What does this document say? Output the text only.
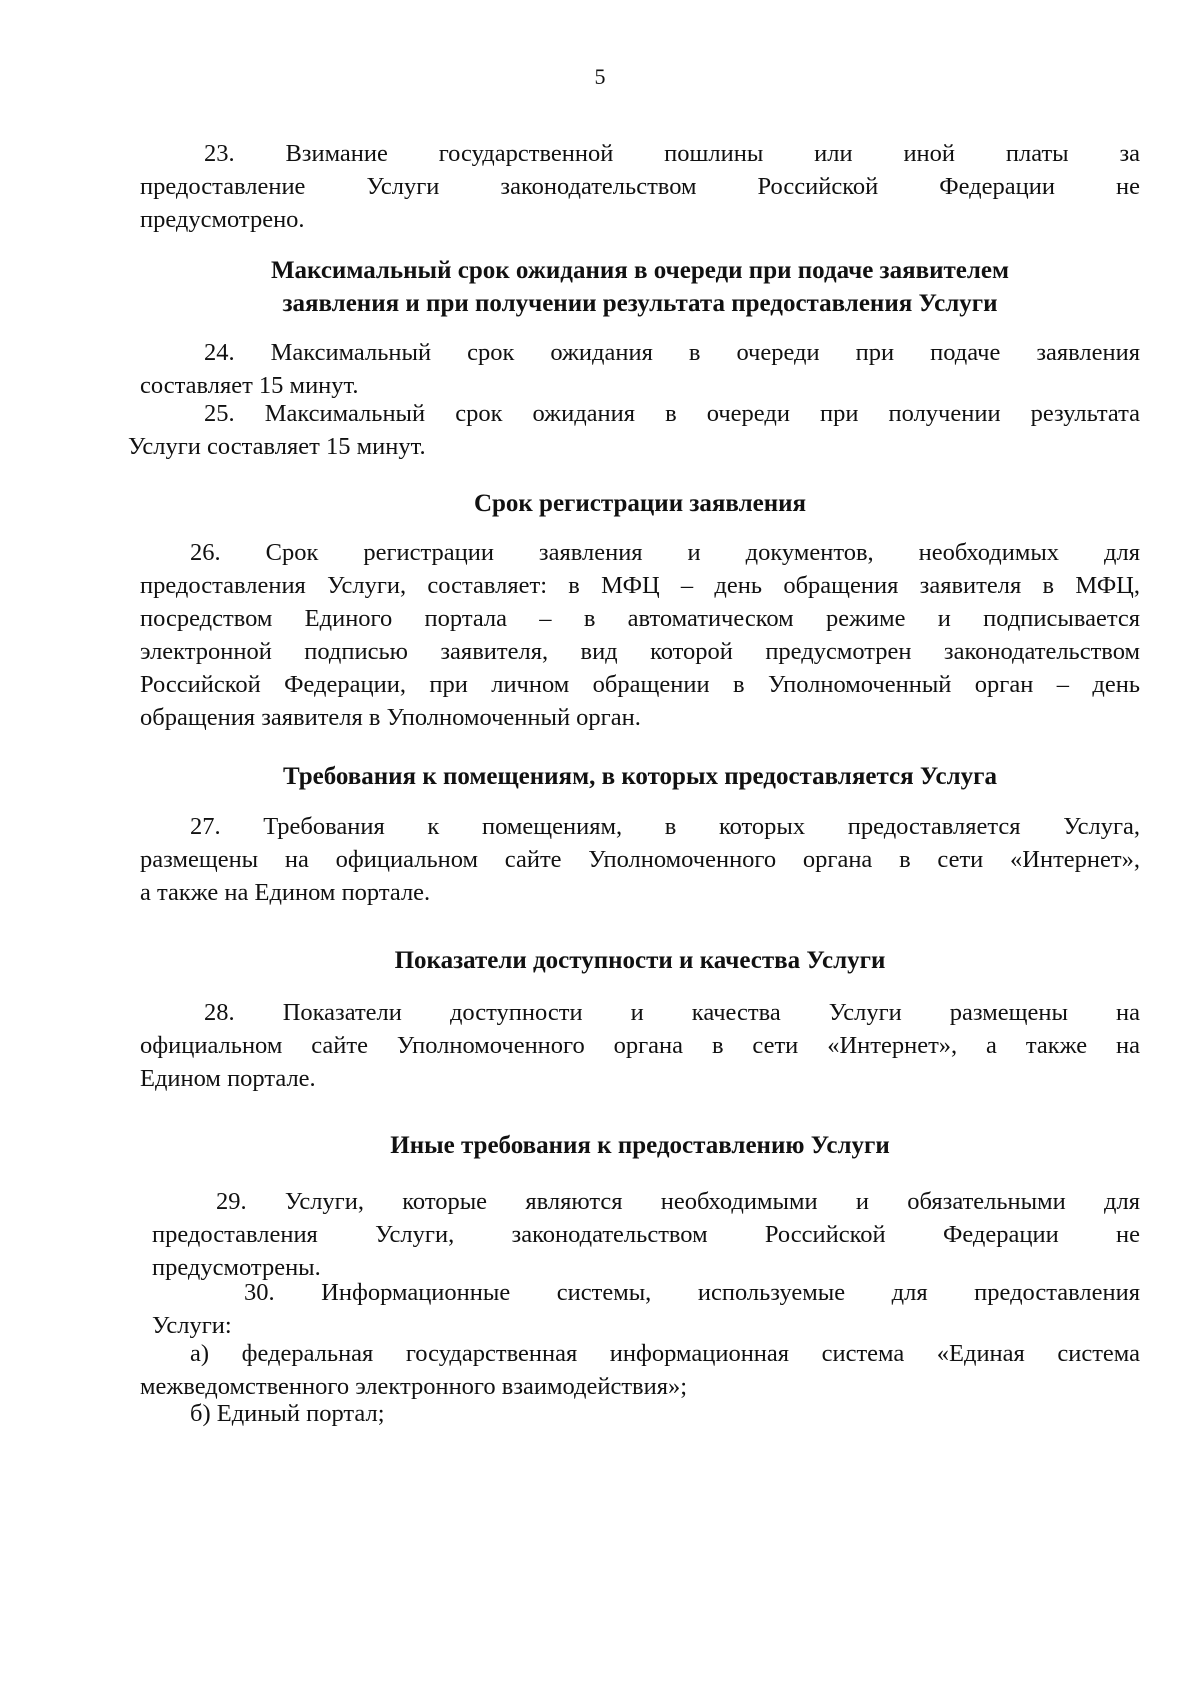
5
23. Взимание государственной пошлины или иной платы за
предоставление Услуги законодательством Российской Федерации не
предусмотрено.
Максимальный срок ожидания в очереди при подаче заявителем
заявления и при получении результата предоставления Услуги
24. Максимальный срок ожидания в очереди при подаче заявления
составляет 15 минут.
25. Максимальный срок ожидания в очереди при получении результата
Услуги составляет 15 минут.
Срок регистрации заявления
26. Срок регистрации заявления и документов, необходимых для
предоставления Услуги, составляет: в МФЦ – день обращения заявителя в МФЦ,
посредством Единого портала – в автоматическом режиме и подписывается
электронной подписью заявителя, вид которой предусмотрен законодательством
Российской Федерации, при личном обращении в Уполномоченный орган – день
обращения заявителя в Уполномоченный орган.
Требования к помещениям, в которых предоставляется Услуга
27. Требования к помещениям, в которых предоставляется Услуга,
размещены на официальном сайте Уполномоченного органа в сети «Интернет»,
а также на Едином портале.
Показатели доступности и качества Услуги
28. Показатели доступности и качества Услуги размещены на
официальном сайте Уполномоченного органа в сети «Интернет», а также на
Едином портале.
Иные требования к предоставлению Услуги
29. Услуги, которые являются необходимыми и обязательными для
предоставления Услуги, законодательством Российской Федерации не
предусмотрены.
30. Информационные системы, используемые для предоставления
Услуги:
а) федеральная государственная информационная система «Единая система
межведомственного электронного взаимодействия»;
б) Единый портал;
